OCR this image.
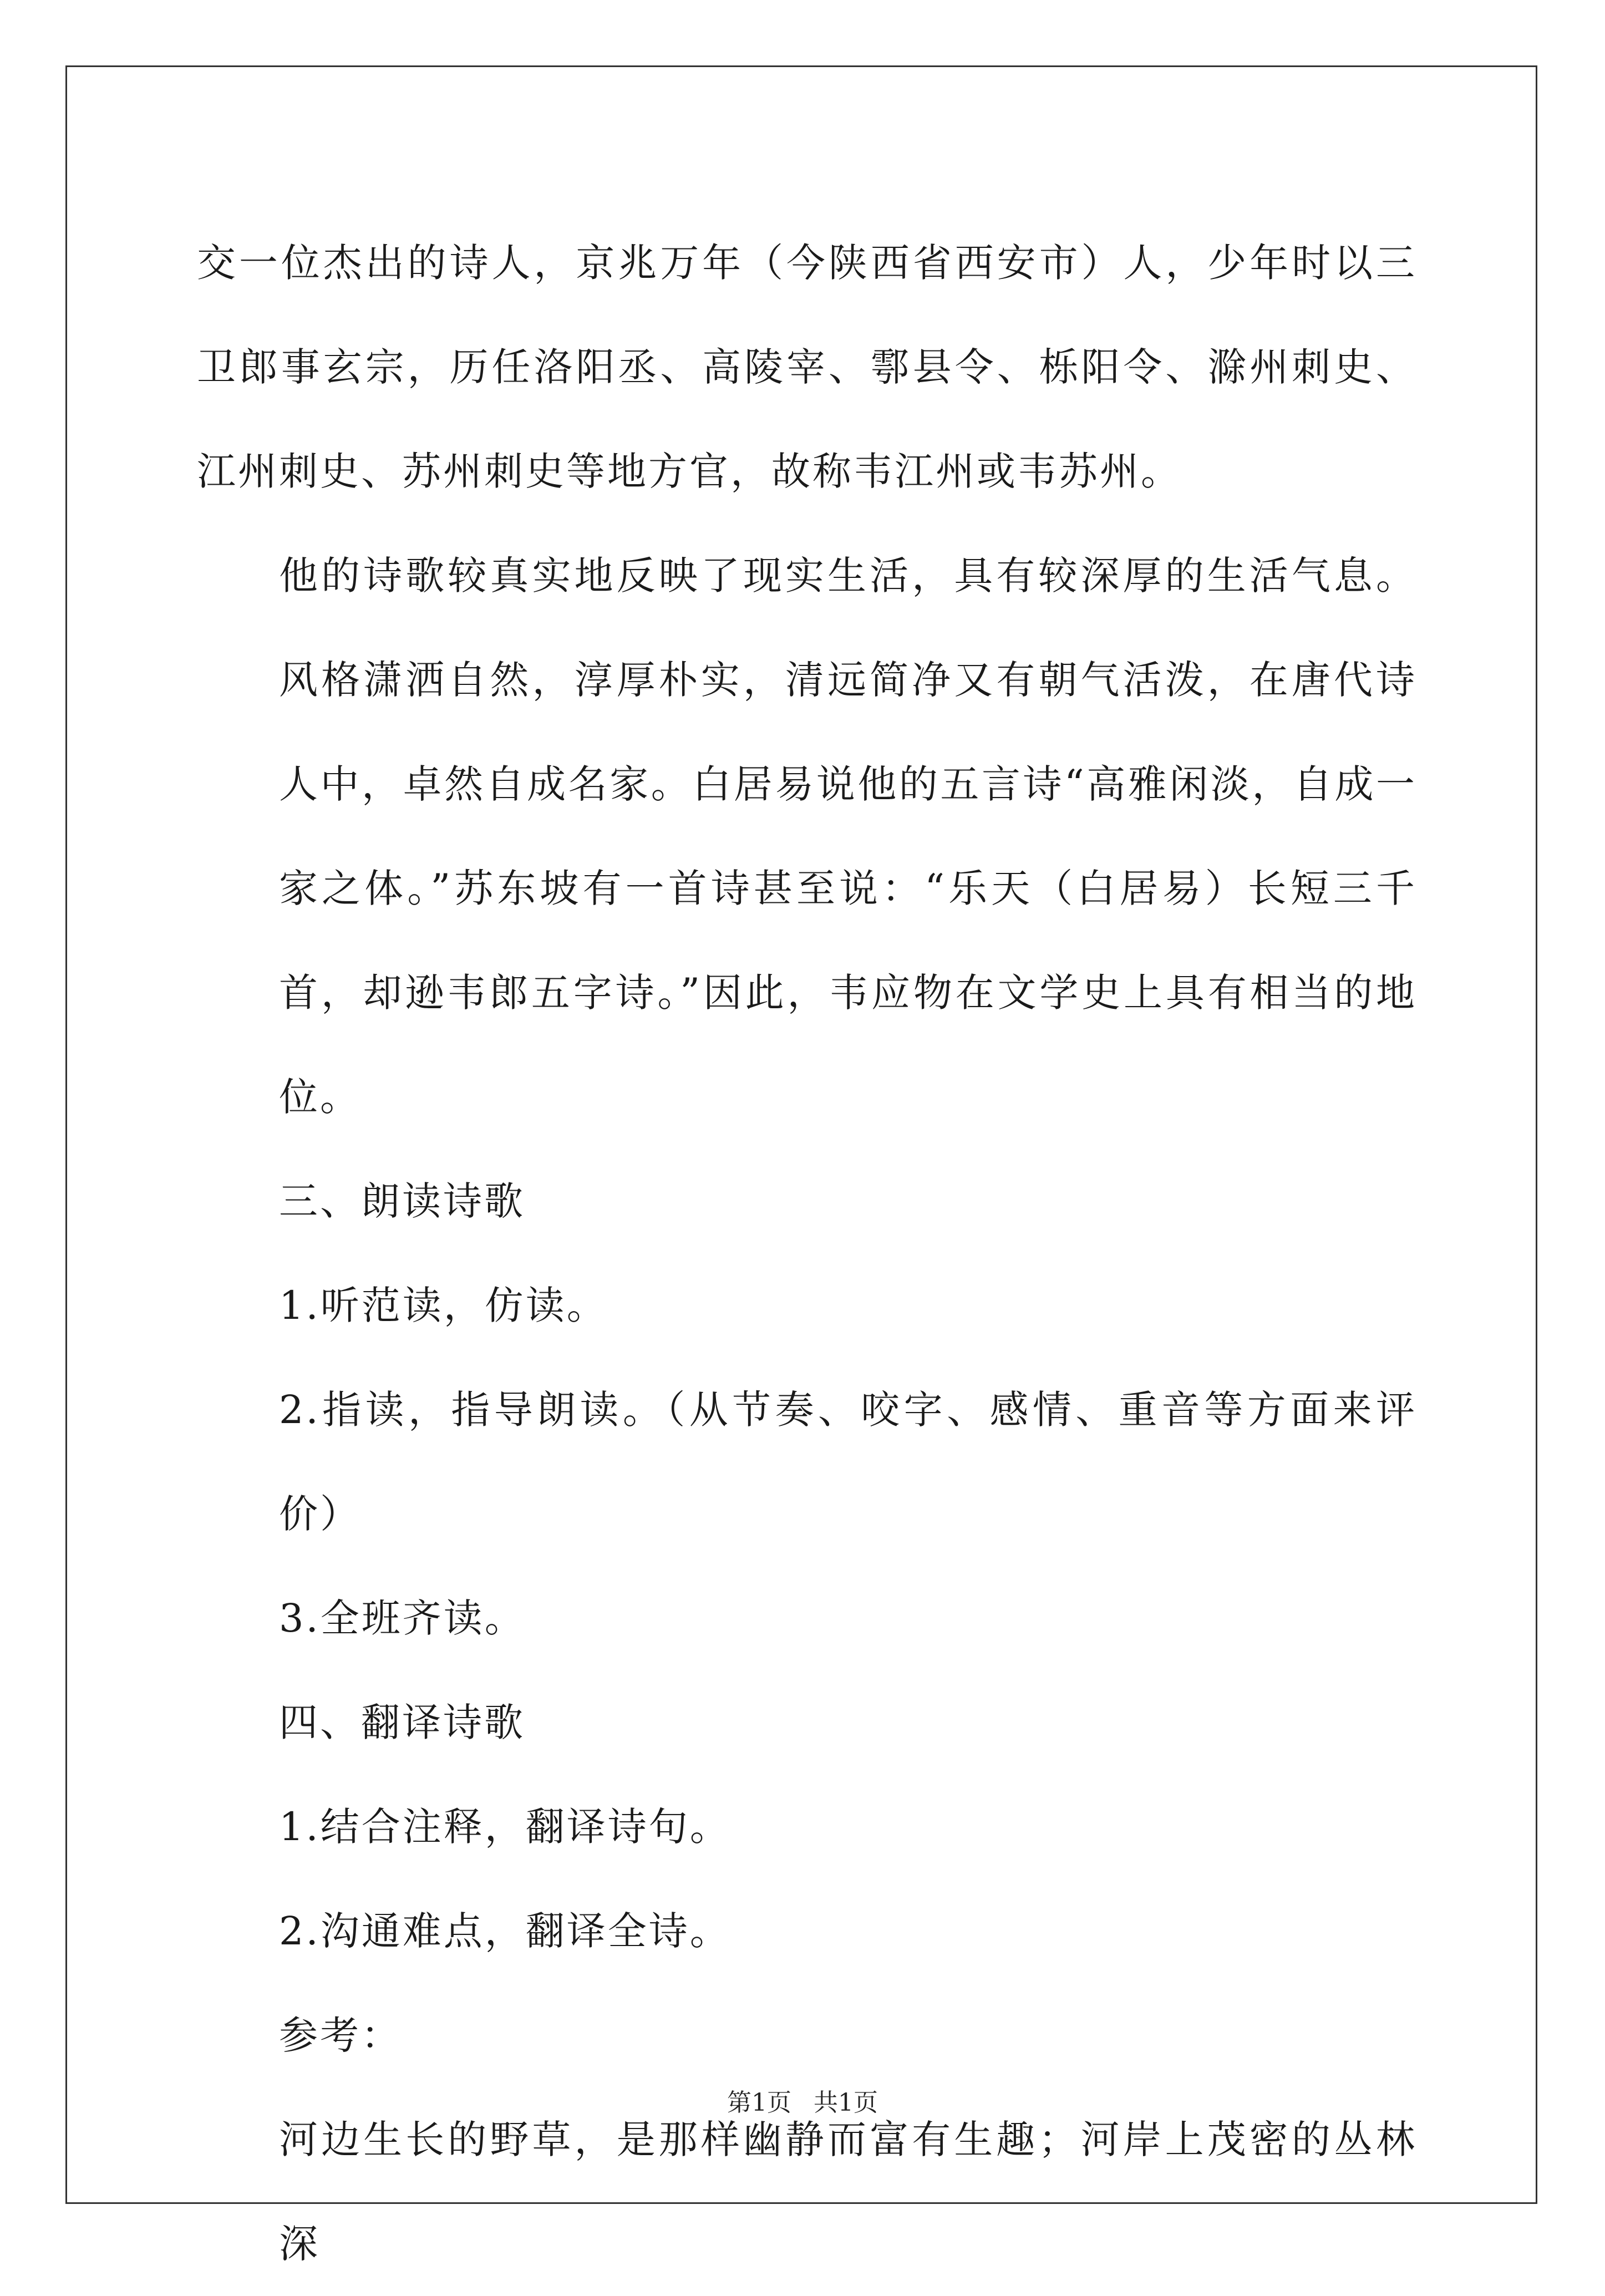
交一位杰出的诗人，京兆万年（今陕西省西安市）人，少年时以三卫郎事玄宗，历任洛阳丞、高陵宰、鄠县令、栎阳令、滁州刺史、江州刺史、苏州刺史等地方官，故称韦江州或韦苏州。

他的诗歌较真实地反映了现实生活，具有较深厚的生活气息。风格潇洒自然，淳厚朴实，清远简净又有朝气活泼，在唐代诗人中，卓然自成名家。白居易说他的五言诗“高雅闲淡，自成一家之体。”苏东坡有一首诗甚至说：“乐天（白居易）长短三千首，却逊韦郎五字诗。”因此，韦应物在文学史上具有相当的地位。

三、朗读诗歌

1.听范读，仿读。

2.指读，指导朗读。（从节奏、咬字、感情、重音等方面来评价）

3.全班齐读。

四、翻译诗歌

1.结合注释，翻译诗句。

2.沟通难点，翻译全诗。

参考：

河边生长的野草，是那样幽静而富有生趣；河岸上茂密的丛林深

第1页 共1页
